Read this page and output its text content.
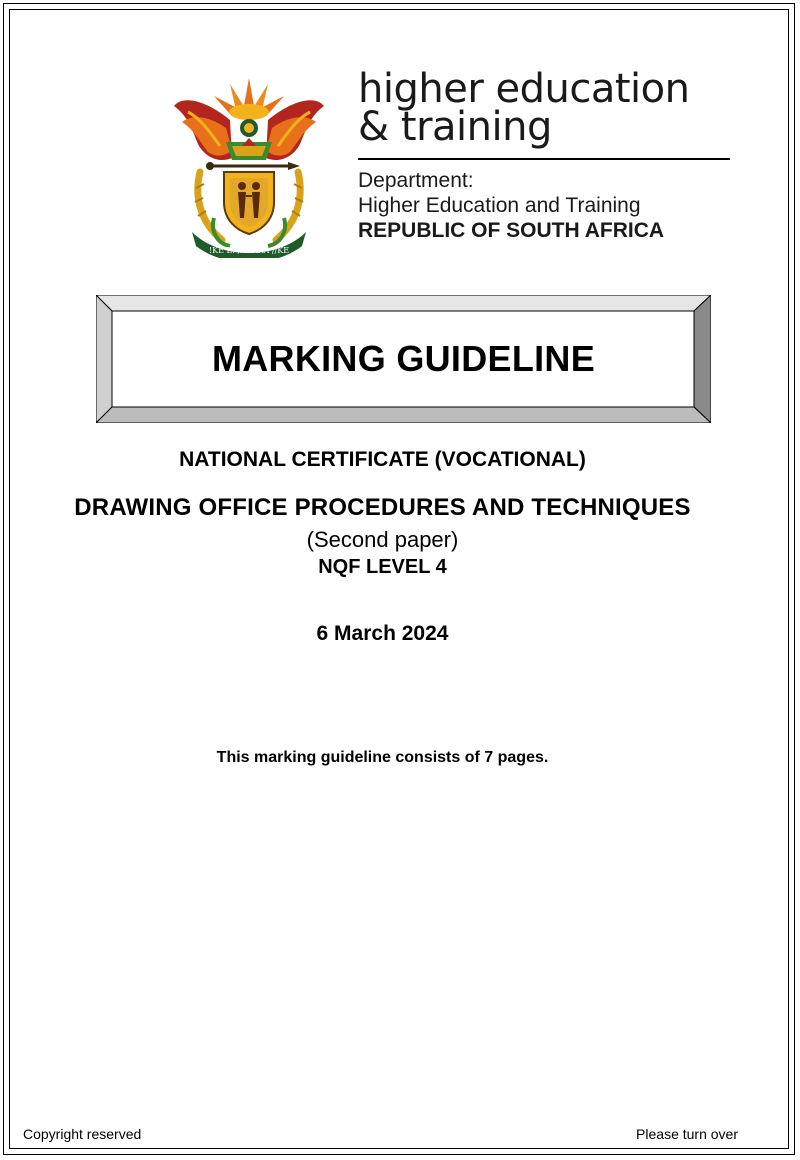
!KE E: /XARRA //KE
higher education
& training
Department:
Higher Education and Training
REPUBLIC OF SOUTH AFRICA
MARKING GUIDELINE
NATIONAL CERTIFICATE (VOCATIONAL)
DRAWING OFFICE PROCEDURES AND TECHNIQUES
(Second paper)
NQF LEVEL 4
6 March 2024
This marking guideline consists of 7 pages.
Copyright reserved	Please turn over
